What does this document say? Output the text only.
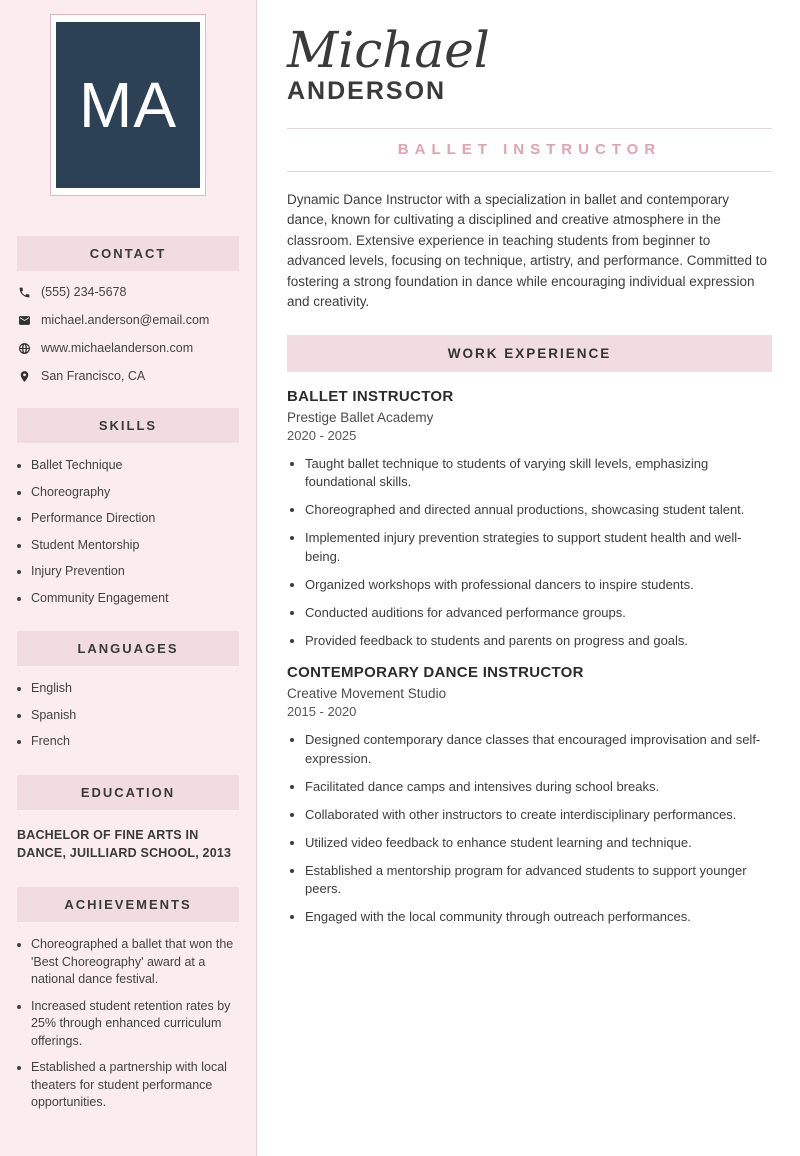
MA
CONTACT
(555) 234-5678
michael.anderson@email.com
www.michaelanderson.com
San Francisco, CA
SKILLS
• Ballet Technique
• Choreography
• Performance Direction
• Student Mentorship
• Injury Prevention
• Community Engagement
LANGUAGES
• English
• Spanish
• French
EDUCATION

BACHELOR OF FINE ARTS IN DANCE, JUILLIARD SCHOOL, 2013

ACHIEVEMENTS
• Choreographed a ballet that won the 'Best Choreography' award at a national dance festival.
• Increased student retention rates by 25% through enhanced curriculum offerings.
• Established a partnership with local theaters for student performance opportunities.
Michael
ANDERSON
BALLET INSTRUCTOR

Dynamic Dance Instructor with a specialization in ballet and contemporary dance, known for cultivating a disciplined and creative atmosphere in the classroom. Extensive experience in teaching students from beginner to advanced levels, focusing on technique, artistry, and performance. Committed to fostering a strong foundation in dance while encouraging individual expression and creativity.

WORK EXPERIENCE
BALLET INSTRUCTOR
Prestige Ballet Academy
2020 - 2025
• Taught ballet technique to students of varying skill levels, emphasizing foundational skills.
• Choreographed and directed annual productions, showcasing student talent.
• Implemented injury prevention strategies to support student health and well-being.
• Organized workshops with professional dancers to inspire students.
• Conducted auditions for advanced performance groups.
• Provided feedback to students and parents on progress and goals.
CONTEMPORARY DANCE INSTRUCTOR
Creative Movement Studio
2015 - 2020
• Designed contemporary dance classes that encouraged improvisation and self-expression.
• Facilitated dance camps and intensives during school breaks.
• Collaborated with other instructors to create interdisciplinary performances.
• Utilized video feedback to enhance student learning and technique.
• Established a mentorship program for advanced students to support younger peers.
• Engaged with the local community through outreach performances.
